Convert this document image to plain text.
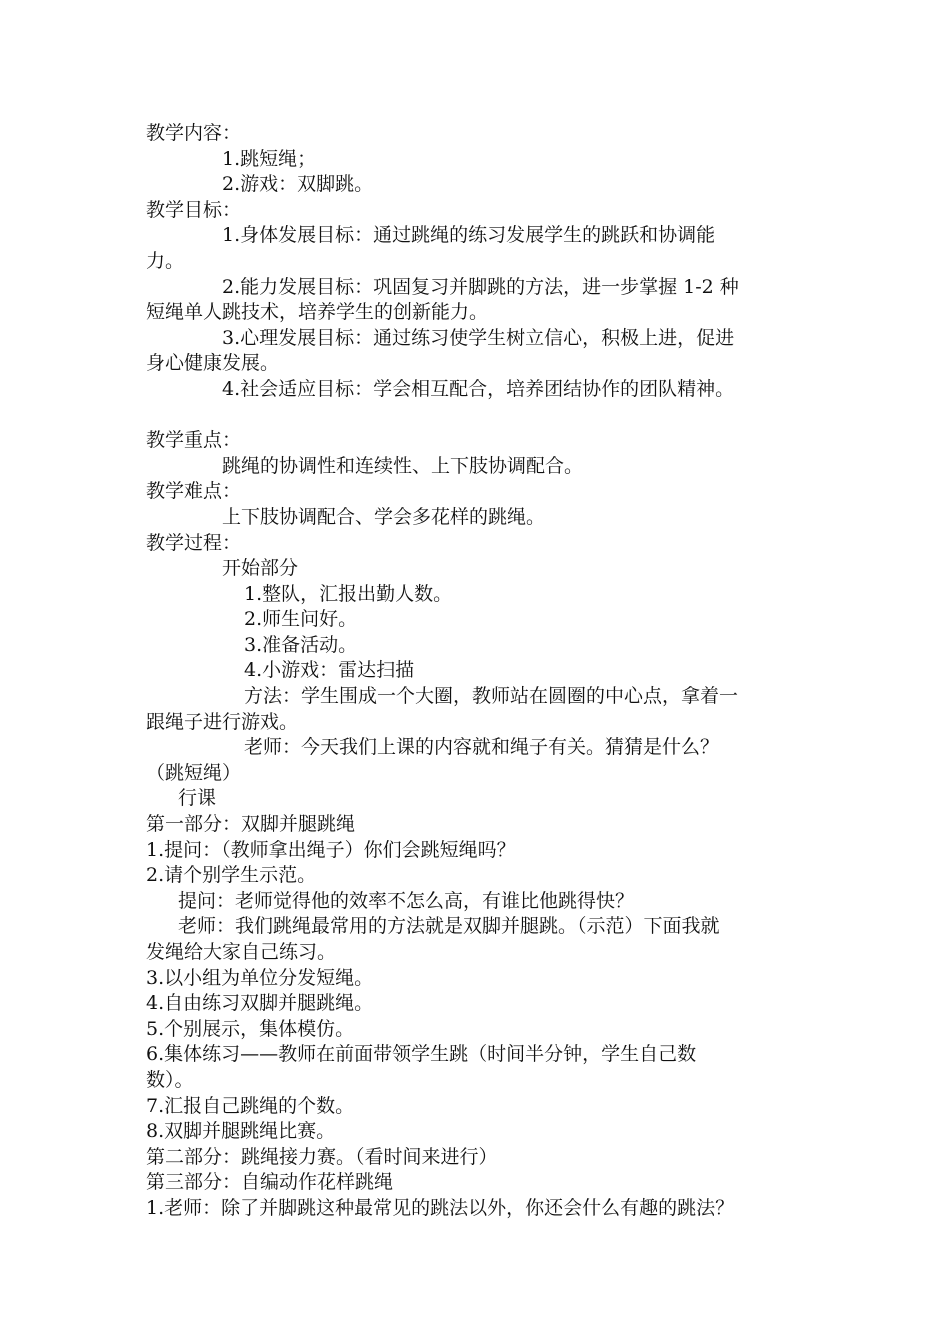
教学内容：
1.跳短绳；
2.游戏：双脚跳。
教学目标：
1.身体发展目标：通过跳绳的练习发展学生的跳跃和协调能
力。
2.能力发展目标：巩固复习并脚跳的方法，进一步掌握 1-2 种
短绳单人跳技术，培养学生的创新能力。
3.心理发展目标：通过练习使学生树立信心，积极上进，促进
身心健康发展。
4.社会适应目标：学会相互配合，培养团结协作的团队精神。
教学重点：
跳绳的协调性和连续性、上下肢协调配合。
教学难点：
上下肢协调配合、学会多花样的跳绳。
教学过程：
开始部分
1.整队，汇报出勤人数。
2.师生问好。
3.准备活动。
4.小游戏：雷达扫描
方法：学生围成一个大圈，教师站在圆圈的中心点，拿着一
跟绳子进行游戏。
老师：今天我们上课的内容就和绳子有关。猜猜是什么？
（跳短绳）
行课
第一部分：双脚并腿跳绳
1.提问：（教师拿出绳子）你们会跳短绳吗？
2.请个别学生示范。
提问：老师觉得他的效率不怎么高，有谁比他跳得快？
老师：我们跳绳最常用的方法就是双脚并腿跳。（示范）下面我就
发绳给大家自己练习。
3.以小组为单位分发短绳。
4.自由练习双脚并腿跳绳。
5.个别展示，集体模仿。
6.集体练习——教师在前面带领学生跳（时间半分钟，学生自己数
数）。
7.汇报自己跳绳的个数。
8.双脚并腿跳绳比赛。
第二部分：跳绳接力赛。（看时间来进行）
第三部分：自编动作花样跳绳
1.老师：除了并脚跳这种最常见的跳法以外，你还会什么有趣的跳法？
